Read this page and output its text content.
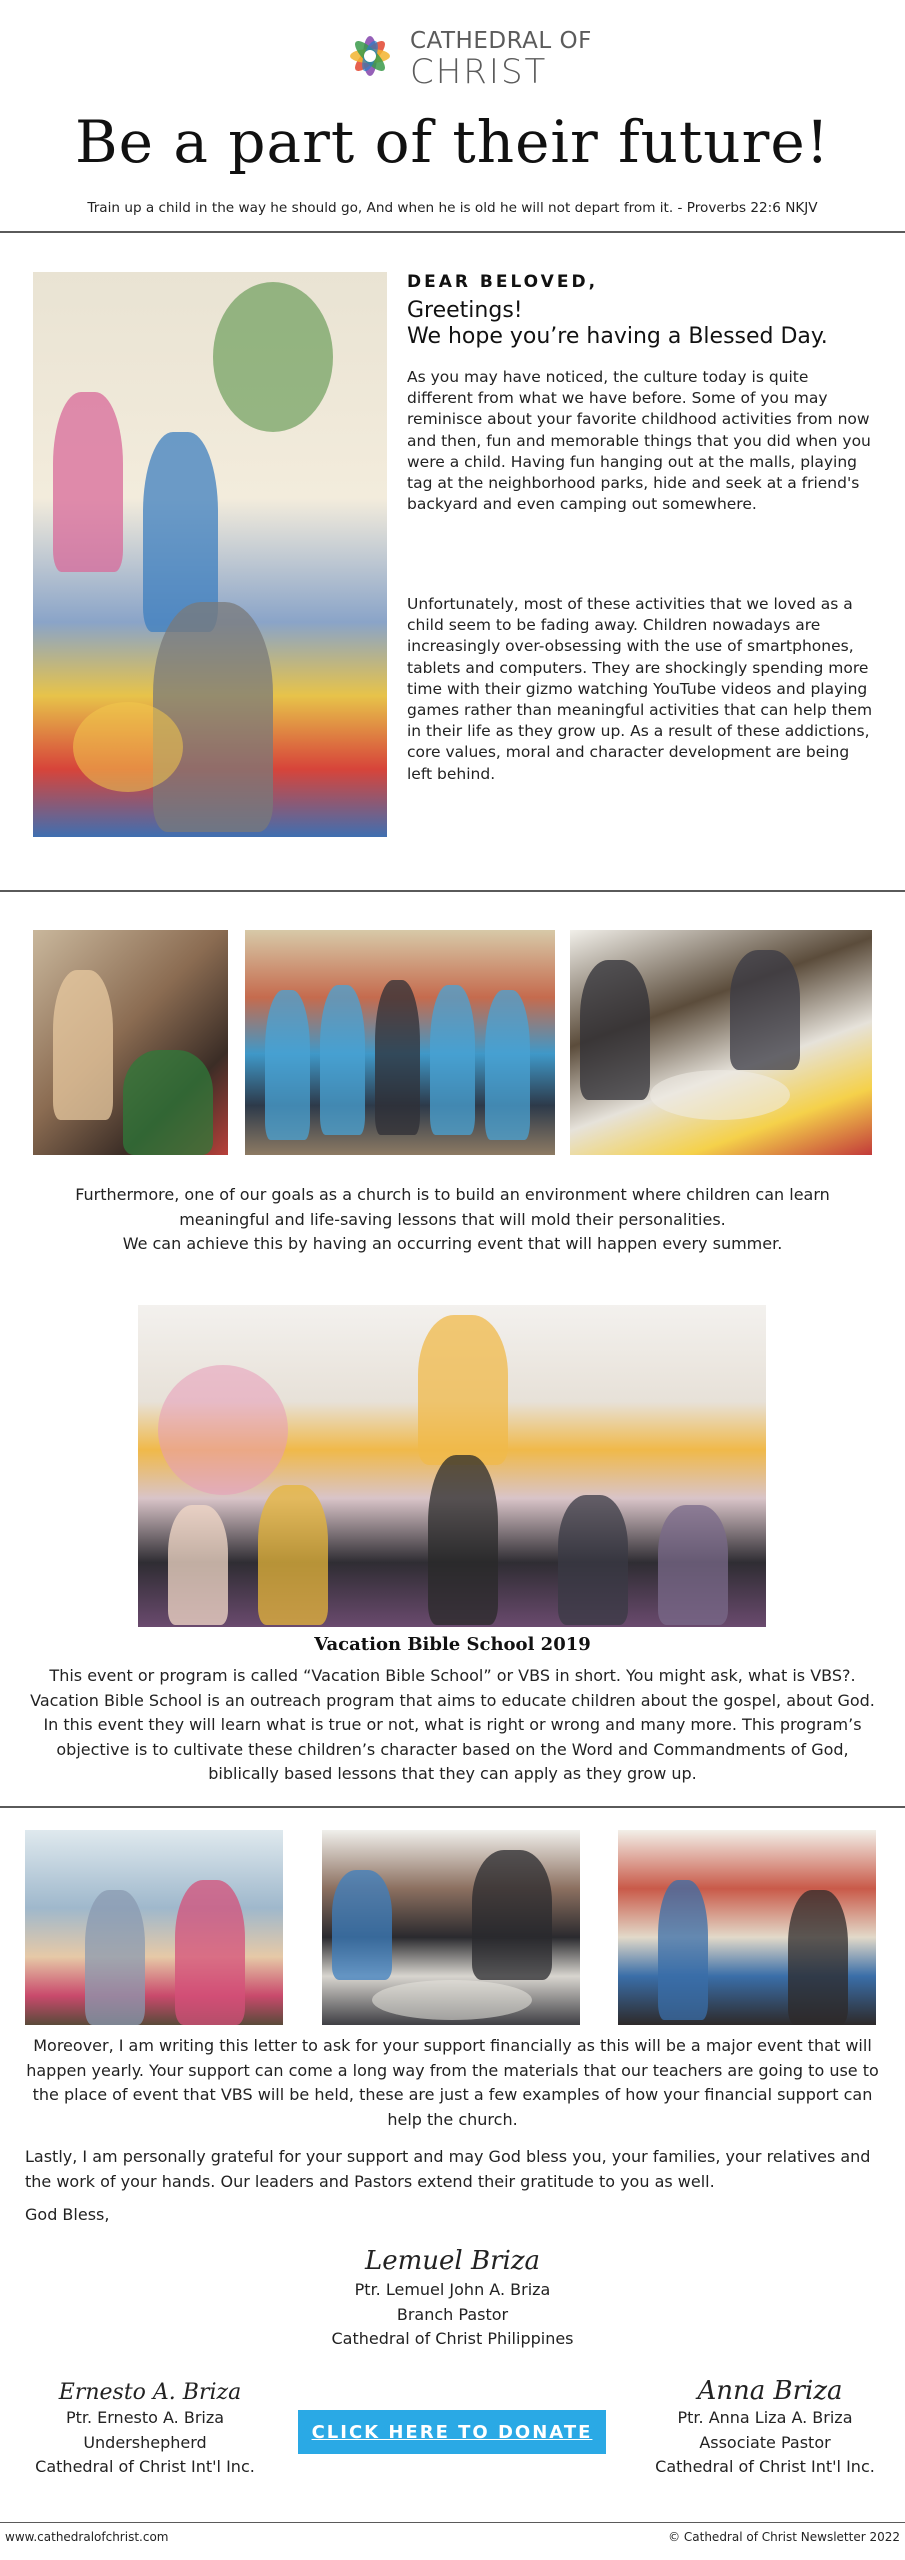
CATHEDRAL OF
CHRIST
Be a part of their future!
Train up a child in the way he should go, And when he is old he will not depart from it. - Proverbs 22:6 NKJV
DEAR BELOVED,
Greetings!
We hope you’re having a Blessed Day.
As you may have noticed, the culture today is quite different from what we have before. Some of you may reminisce about your favorite childhood activities from now and then, fun and memorable things that you did when you were a child. Having fun hanging out at the malls, playing tag at the neighborhood parks, hide and seek at a friend's backyard and even camping out somewhere.
Unfortunately, most of these activities that we loved as a child seem to be fading away. Children nowadays are increasingly over-obsessing with the use of smartphones, tablets and computers. They are shockingly spending more time with their gizmo watching YouTube videos and playing games rather than meaningful activities that can help them in their life as they grow up. As a result of these addictions, core values, moral and character development are being left behind.
Furthermore, one of our goals as a church is to build an environment where children can learn
meaningful and life-saving lessons that will mold their personalities.
We can achieve this by having an occurring event that will happen every summer.
Vacation Bible School 2019
This event or program is called “Vacation Bible School” or VBS in short. You might ask, what is VBS?. Vacation Bible School is an outreach program that aims to educate children about the gospel, about God. In this event they will learn what is true or not, what is right or wrong and many more. This program’s objective is to cultivate these children’s character based on the Word and Commandments of God, biblically based lessons that they can apply as they grow up.
Moreover, I am writing this letter to ask for your support financially as this will be a major event that will happen yearly. Your support can come a long way from the materials that our teachers are going to use to the place of event that VBS will be held, these are just a few examples of how your financial support can help the church.
Lastly, I am personally grateful for your support and may God bless you, your families, your relatives and the work of your hands. Our leaders and Pastors extend their gratitude to you as well.
God Bless,
Lemuel Briza
Ptr. Lemuel John A. Briza
Branch Pastor
Cathedral of Christ Philippines
Ernesto A. Briza
Ptr. Ernesto A. Briza
Undershepherd
Cathedral of Christ Int'l Inc.
CLICK HERE TO DONATE
Anna Briza
Ptr. Anna Liza A. Briza
Associate Pastor
Cathedral of Christ Int'l Inc.
www.cathedralofchrist.com	© Cathedral of Christ Newsletter 2022
